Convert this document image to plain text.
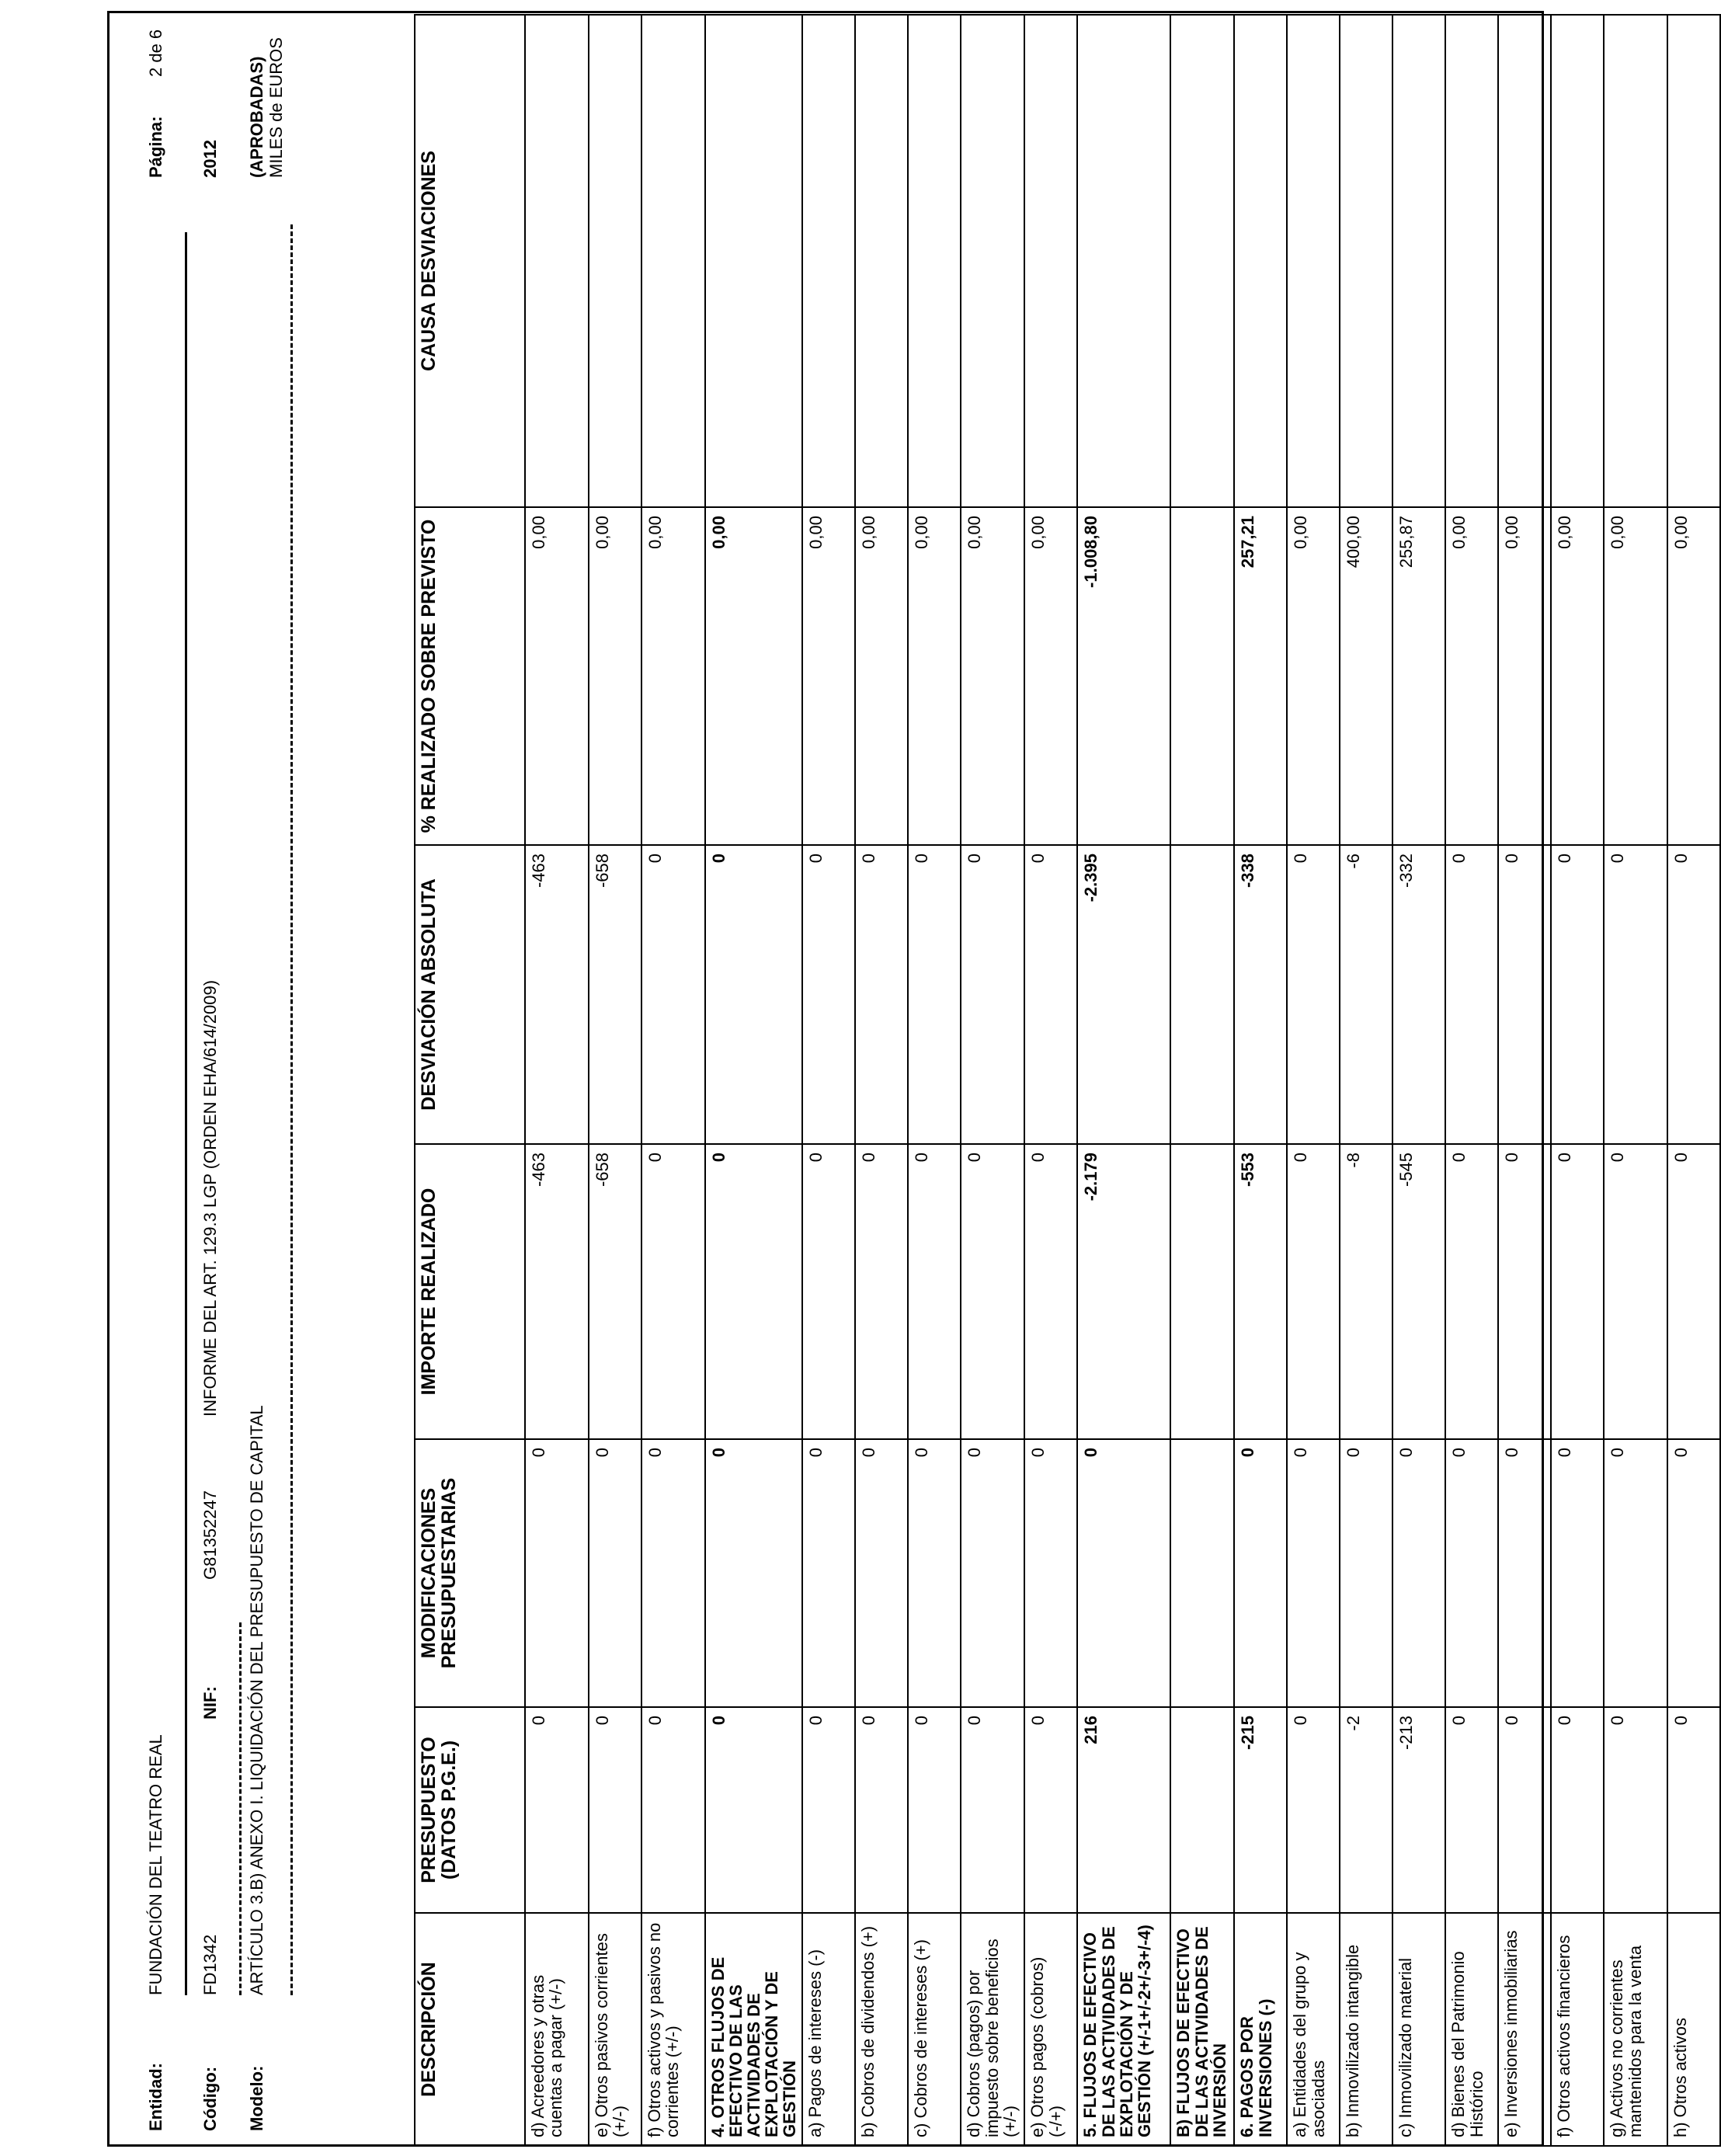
Entidad:
FUNDACIÓN DEL TEATRO REAL
Página:
2 de 6
Código:
FD1342
NIF:
G81352247
INFORME DEL ART. 129.3 LGP (ORDEN EHA/614/2009)
2012
Modelo:
ARTÍCULO 3.B) ANEXO I. LIQUIDACIÓN DEL PRESUPUESTO DE CAPITAL
(APROBADAS) MILES de EUROS
DESCRIPCIÓN	PRESUPUESTO (DATOS P.G.E.)	MODIFICACIONES PRESUPUESTARIAS	IMPORTE REALIZADO	DESVIACIÓN ABSOLUTA	% REALIZADO SOBRE PREVISTO	CAUSA DESVIACIONES
d) Acreedores y otras cuentas a pagar (+/-)	0	0	-463	-463	0,00	
e) Otros pasivos corrientes (+/-)	0	0	-658	-658	0,00	
f) Otros activos y pasivos no corrientes (+/-)	0	0	0	0	0,00	
4. OTROS FLUJOS DE EFECTIVO DE LAS ACTIVIDADES DE EXPLOTACIÓN Y DE GESTIÓN	0	0	0	0	0,00	
a) Pagos de intereses (-)	0	0	0	0	0,00	
b) Cobros de dividendos (+)	0	0	0	0	0,00	
c) Cobros de intereses (+)	0	0	0	0	0,00	
d) Cobros (pagos) por impuesto sobre beneficios (+/-)	0	0	0	0	0,00	
e) Otros pagos (cobros) (-/+)	0	0	0	0	0,00	
5. FLUJOS DE EFECTIVO DE LAS ACTIVIDADES DE EXPLOTACIÓN Y DE GESTIÓN (+/-1+/-2+/-3+/-4)	216	0	-2.179	-2.395	-1.008,80	
B) FLUJOS DE EFECTIVO DE LAS ACTIVIDADES DE INVERSIÓN						
6. PAGOS POR INVERSIONES (-)	-215	0	-553	-338	257,21	
a) Entidades del grupo y asociadas	0	0	0	0	0,00	
b) Inmovilizado intangible	-2	0	-8	-6	400,00	
c) Inmovilizado material	-213	0	-545	-332	255,87	
d) Bienes del Patrimonio Histórico	0	0	0	0	0,00	
e) Inversiones inmobiliarias	0	0	0	0	0,00	
f) Otros activos financieros	0	0	0	0	0,00	
g) Activos no corrientes mantenidos para la venta	0	0	0	0	0,00	
h) Otros activos	0	0	0	0	0,00	
